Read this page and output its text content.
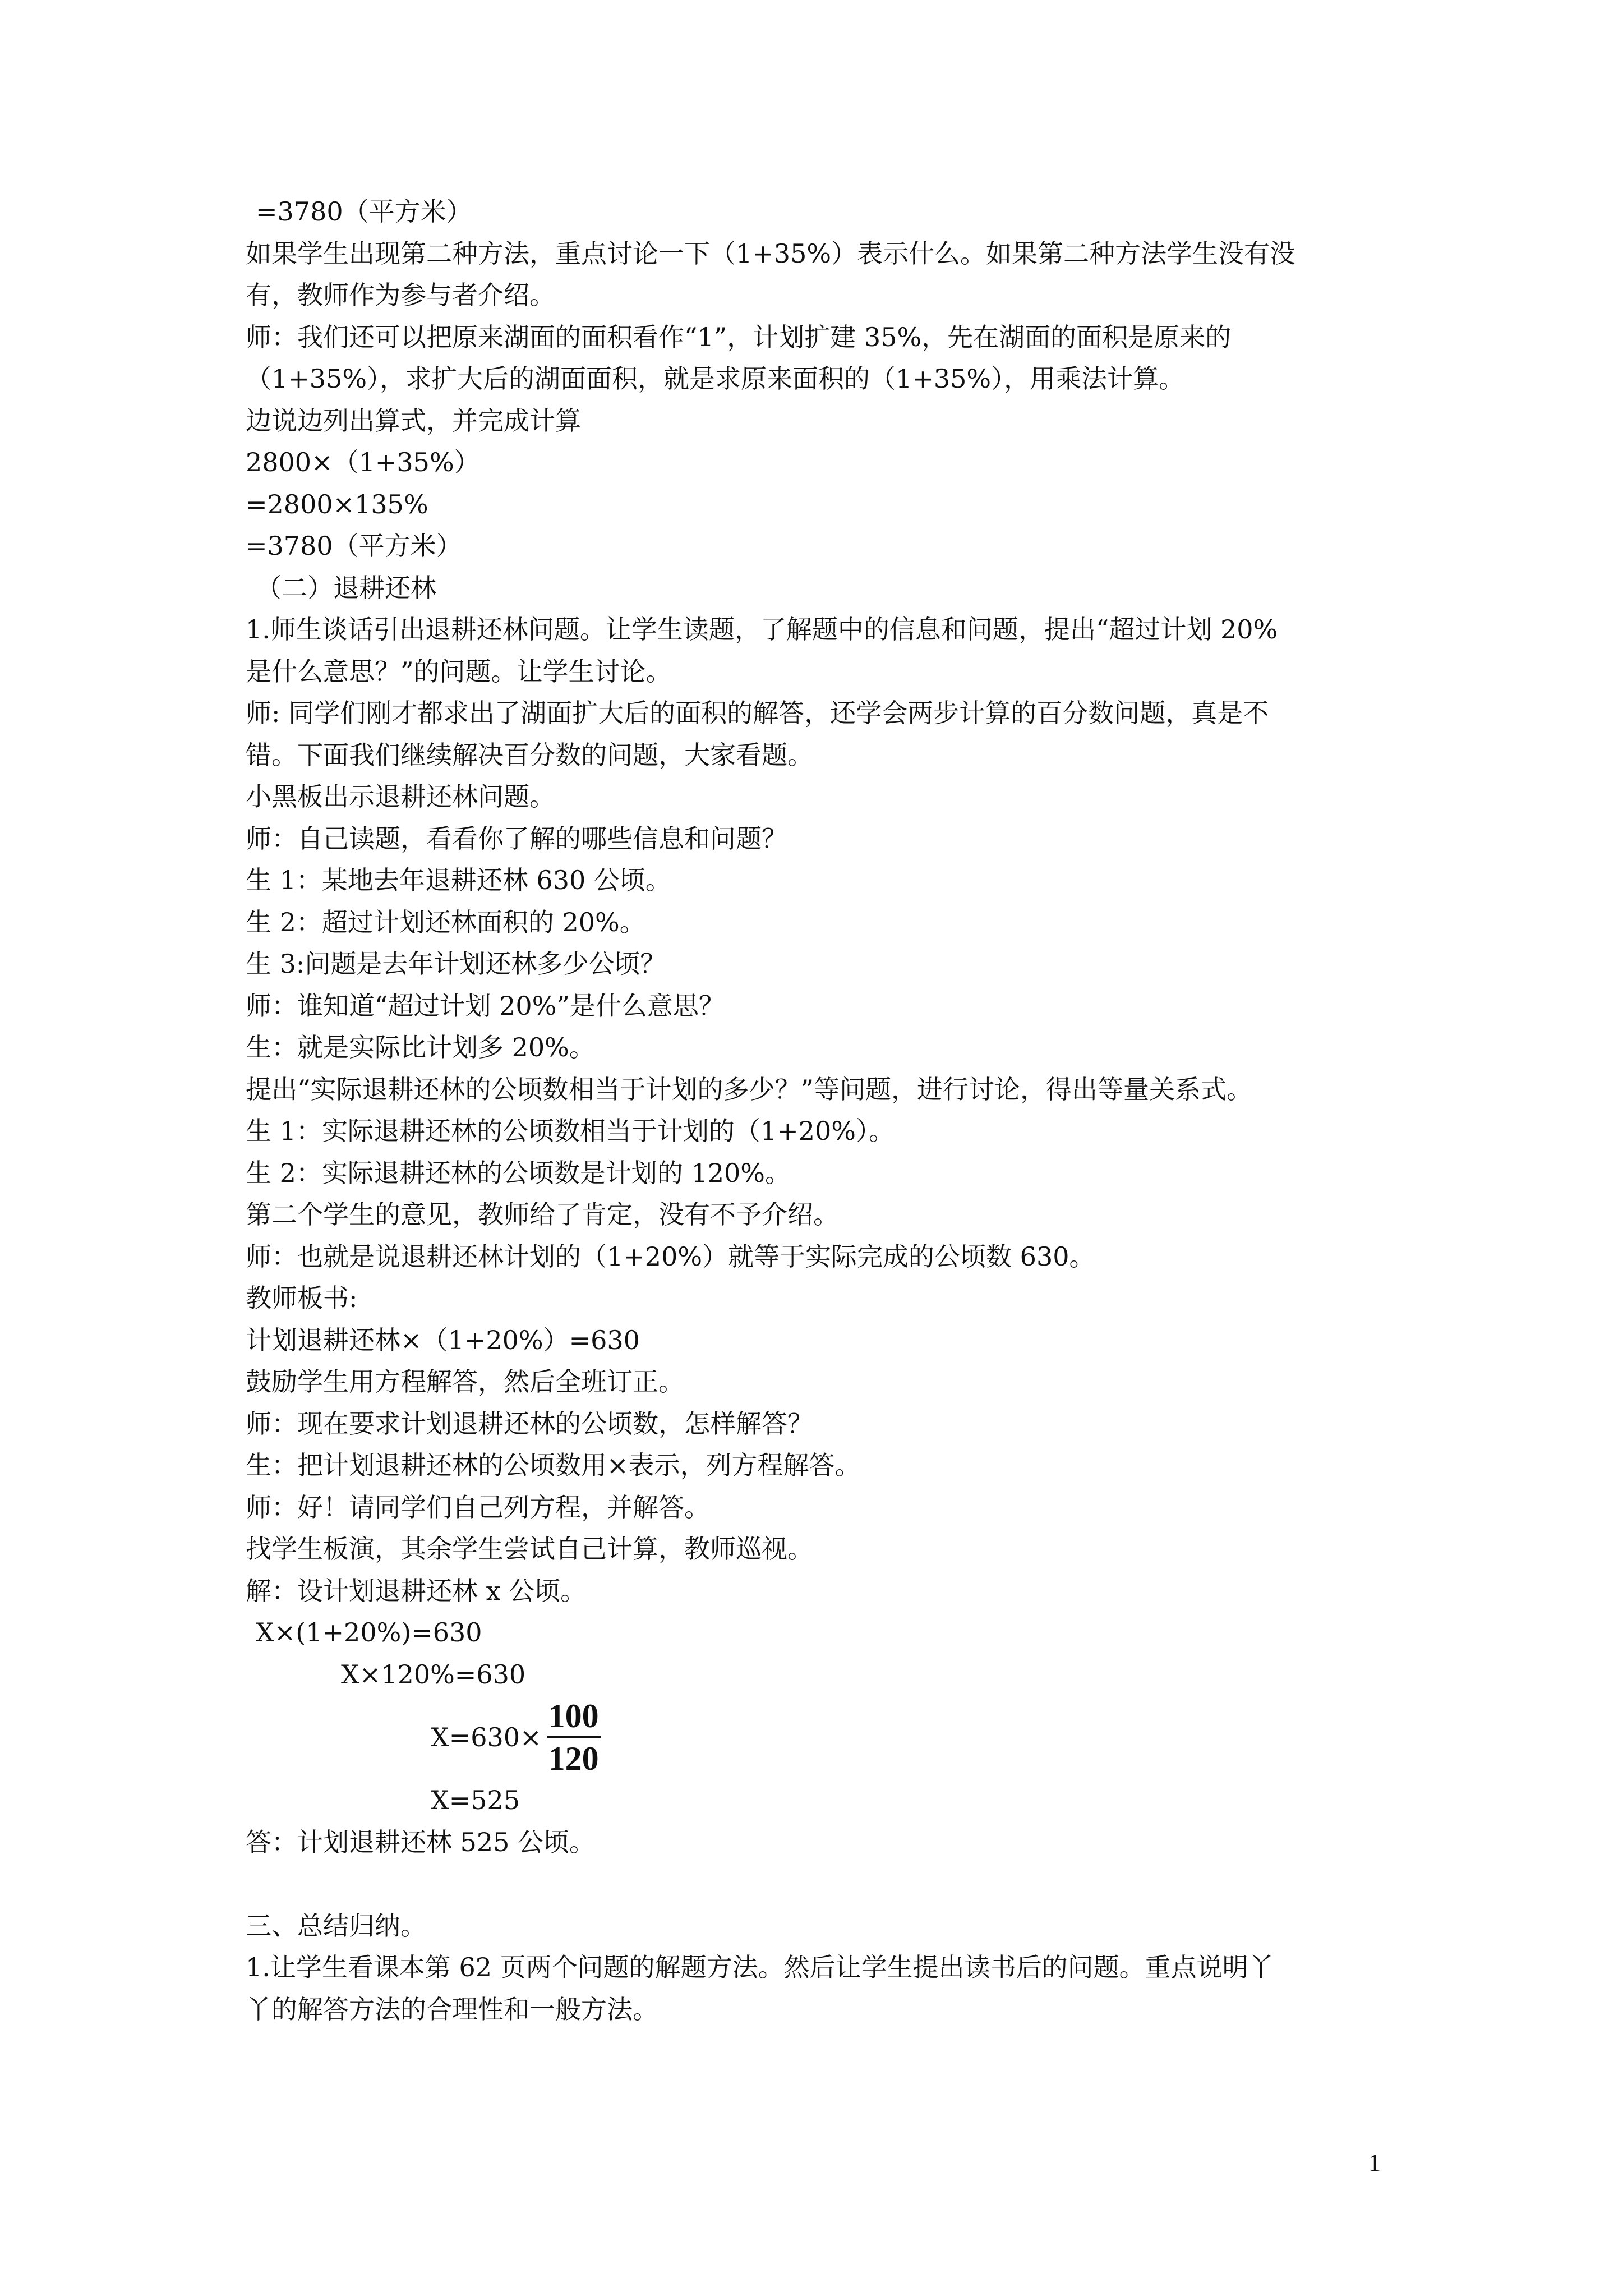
=3780（平方米）
如果学生出现第二种方法，重点讨论一下（1+35%）表示什么。如果第二种方法学生没有没
有，教师作为参与者介绍。
师：我们还可以把原来湖面的面积看作“1”，计划扩建 35%，先在湖面的面积是原来的
（1+35%），求扩大后的湖面面积，就是求原来面积的（1+35%），用乘法计算。
边说边列出算式，并完成计算
2800×（1+35%）
=2800×135%
=3780（平方米）
（二）退耕还林
1.师生谈话引出退耕还林问题。让学生读题，了解题中的信息和问题，提出“超过计划 20%
是什么意思？”的问题。让学生讨论。
师: 同学们刚才都求出了湖面扩大后的面积的解答，还学会两步计算的百分数问题，真是不
错。下面我们继续解决百分数的问题，大家看题。
小黑板出示退耕还林问题。
师：自己读题，看看你了解的哪些信息和问题？
生 1：某地去年退耕还林 630 公顷。
生 2：超过计划还林面积的 20%。
生 3:问题是去年计划还林多少公顷？
师：谁知道“超过计划 20%”是什么意思？
生：就是实际比计划多 20%。
提出“实际退耕还林的公顷数相当于计划的多少？”等问题，进行讨论，得出等量关系式。
生 1：实际退耕还林的公顷数相当于计划的（1+20%）。
生 2：实际退耕还林的公顷数是计划的 120%。
第二个学生的意见，教师给了肯定，没有不予介绍。
师：也就是说退耕还林计划的（1+20%）就等于实际完成的公顷数 630。
教师板书:
计划退耕还林×（1+20%）=630
鼓励学生用方程解答，然后全班订正。
师：现在要求计划退耕还林的公顷数，怎样解答？
生：把计划退耕还林的公顷数用×表示，列方程解答。
师：好！请同学们自己列方程，并解答。
找学生板演，其余学生尝试自己计算，教师巡视。
解：设计划退耕还林 x 公顷。
X×(1+20%)=630
X×120%=630
$X=630\times \frac{100}{120}$
X=525
答：计划退耕还林 525 公顷。
三、总结归纳。
1.让学生看课本第 62 页两个问题的解题方法。然后让学生提出读书后的问题。重点说明丫
丫的解答方法的合理性和一般方法。
1
